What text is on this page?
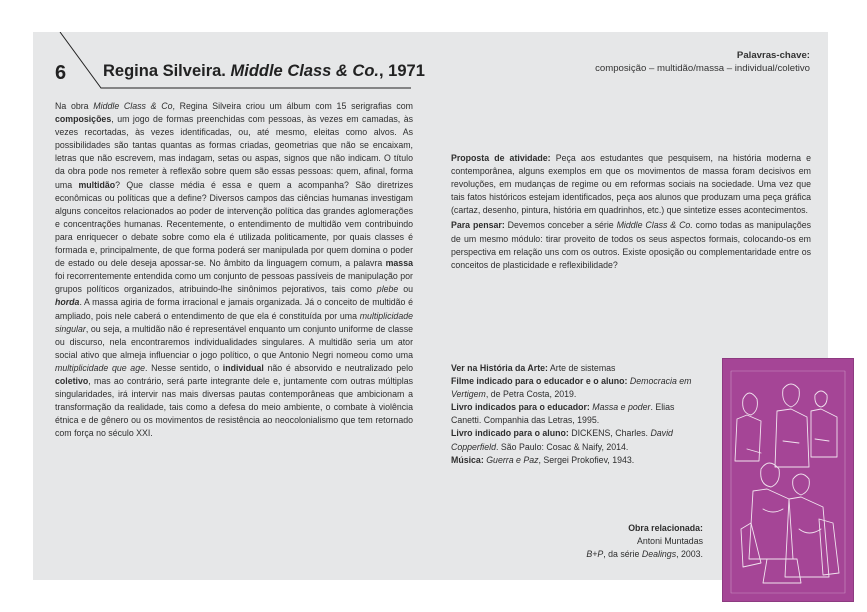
6 Regina Silveira. Middle Class & Co., 1971
Palavras-chave:
composição – multidão/massa – individual/coletivo
Na obra Middle Class & Co, Regina Silveira criou um álbum com 15 serigrafias com composições, um jogo de formas preenchidas com pessoas, às vezes em camadas, às vezes recortadas, às vezes identificadas, ou, até mesmo, eleitas como alvos. As possibilidades são tantas quantas as formas criadas, geometrias que não se encaixam, letras que não escrevem, mas indagam, setas ou aspas, signos que não indicam. O título da obra pode nos remeter à reflexão sobre quem são essas pessoas: quem, afinal, forma uma multidão? Que classe média é essa e quem a acompanha? São diretrizes econômicas ou políticas que a define? Diversos campos das ciências humanas investigam alguns conceitos relacionados ao poder de intervenção política das grandes aglomerações e concentrações humanas. Recentemente, o entendimento de multidão vem contribuindo para enriquecer o debate sobre como ela é utilizada politicamente, por quais classes é formada e, principalmente, de que forma poderá ser manipulada por quem domina o poder de estado ou dele deseja apossar-se. No âmbito da linguagem comum, a palavra massa foi recorrentemente entendida como um conjunto de pessoas passíveis de manipulação por grupos políticos organizados, atribuindo-lhe sinônimos pejorativos, tais como plebe ou horda. A massa agiria de forma irracional e jamais organizada. Já o conceito de multidão é ampliado, pois nele caberá o entendimento de que ela é constituída por uma multiplicidade singular, ou seja, a multidão não é representável enquanto um conjunto uniforme de classe ou discurso, nela encontraremos individualidades singulares. A multidão seria um ator social ativo que almeja influenciar o jogo político, o que Antonio Negri nomeou como uma multiplicidade que age. Nesse sentido, o individual não é absorvido e neutralizado pelo coletivo, mas ao contrário, será parte integrante dele e, juntamente com outras múltiplas singularidades, irá intervir nas mais diversas pautas contemporâneas que ambicionam a transformação da realidade, tais como a defesa do meio ambiente, o combate à violência étnica e de gênero ou os movimentos de resistência ao neocolonialismo que tem retornado com força no século XXI.

Proposta de atividade: Peça aos estudantes que pesquisem, na história moderna e contemporânea, alguns exemplos em que os movimentos de massa foram decisivos em revoluções, em mudanças de regime ou em reformas sociais na sociedade. Uma vez que tais fatos históricos estejam identificados, peça aos alunos que produzam uma peça gráfica (cartaz, desenho, pintura, história em quadrinhos, etc.) que sintetize esses acontecimentos.

Para pensar: Devemos conceber a série Middle Class & Co. como todas as manipulações de um mesmo módulo: tirar proveito de todos os seus aspectos formais, colocando-os em perspectiva em relação uns com os outros. Existe oposição ou complementaridade entre os conceitos de plasticidade e reflexibilidade?

Ver na História da Arte: Arte de sistemas
Filme indicado para o educador e o aluno: Democracia em Vertigem, de Petra Costa, 2019.
Livro indicados para o educador: Massa e poder. Elias Canetti. Companhia das Letras, 1995.
Livro indicado para o aluno: DICKENS, Charles. David Copperfield. São Paulo: Cosac & Naify, 2014.
Música: Guerra e Paz, Sergei Prokofiev, 1943.
Obra relacionada:
Antoni Muntadas
B+P, da série Dealings, 2003.
